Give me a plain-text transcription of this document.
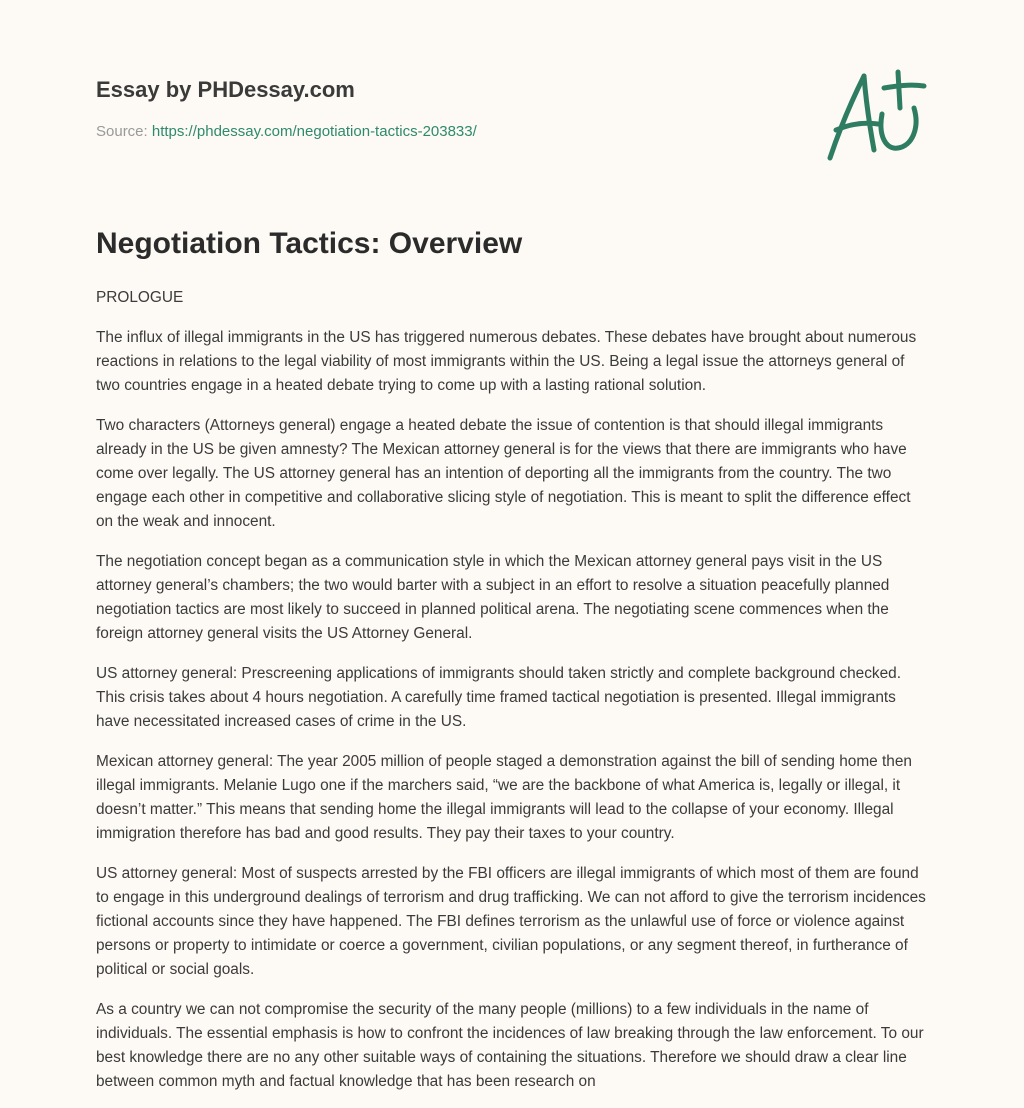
Essay by PHDessay.com
Source: https://phdessay.com/negotiation-tactics-203833/
Negotiation Tactics: Overview

PROLOGUE

The influx of illegal immigrants in the US has triggered numerous debates. These debates have brought about numerous reactions in relations to the legal viability of most immigrants within the US. Being a legal issue the attorneys general of two countries engage in a heated debate trying to come up with a lasting rational solution.

Two characters (Attorneys general) engage a heated debate the issue of contention is that should illegal immigrants already in the US be given amnesty? The Mexican attorney general is for the views that there are immigrants who have come over legally. The US attorney general has an intention of deporting all the immigrants from the country. The two engage each other in competitive and collaborative slicing style of negotiation. This is meant to split the difference effect on the weak and innocent.

The negotiation concept began as a communication style in which the Mexican attorney general pays visit in the US attorney general’s chambers; the two would barter with a subject in an effort to resolve a situation peacefully planned negotiation tactics are most likely to succeed in planned political arena. The negotiating scene commences when the foreign attorney general visits the US Attorney General.

US attorney general: Prescreening applications of immigrants should taken strictly and complete background checked. This crisis takes about 4 hours negotiation. A carefully time framed tactical negotiation is presented. Illegal immigrants have necessitated increased cases of crime in the US.

Mexican attorney general: The year 2005 million of people staged a demonstration against the bill of sending home then illegal immigrants. Melanie Lugo one if the marchers said, “we are the backbone of what America is, legally or illegal, it doesn’t matter.” This means that sending home the illegal immigrants will lead to the collapse of your economy. Illegal immigration therefore has bad and good results. They pay their taxes to your country.

US attorney general: Most of suspects arrested by the FBI officers are illegal immigrants of which most of them are found to engage in this underground dealings of terrorism and drug trafficking. We can not afford to give the terrorism incidences fictional accounts since they have happened. The FBI defines terrorism as the unlawful use of force or violence against persons or property to intimidate or coerce a government, civilian populations, or any segment thereof, in furtherance of political or social goals.

As a country we can not compromise the security of the many people (millions) to a few individuals in the name of individuals. The essential emphasis is how to confront the incidences of law breaking through the law enforcement. To our best knowledge there are no any other suitable ways of containing the situations. Therefore we should draw a clear line between common myth and factual knowledge that has been research on
